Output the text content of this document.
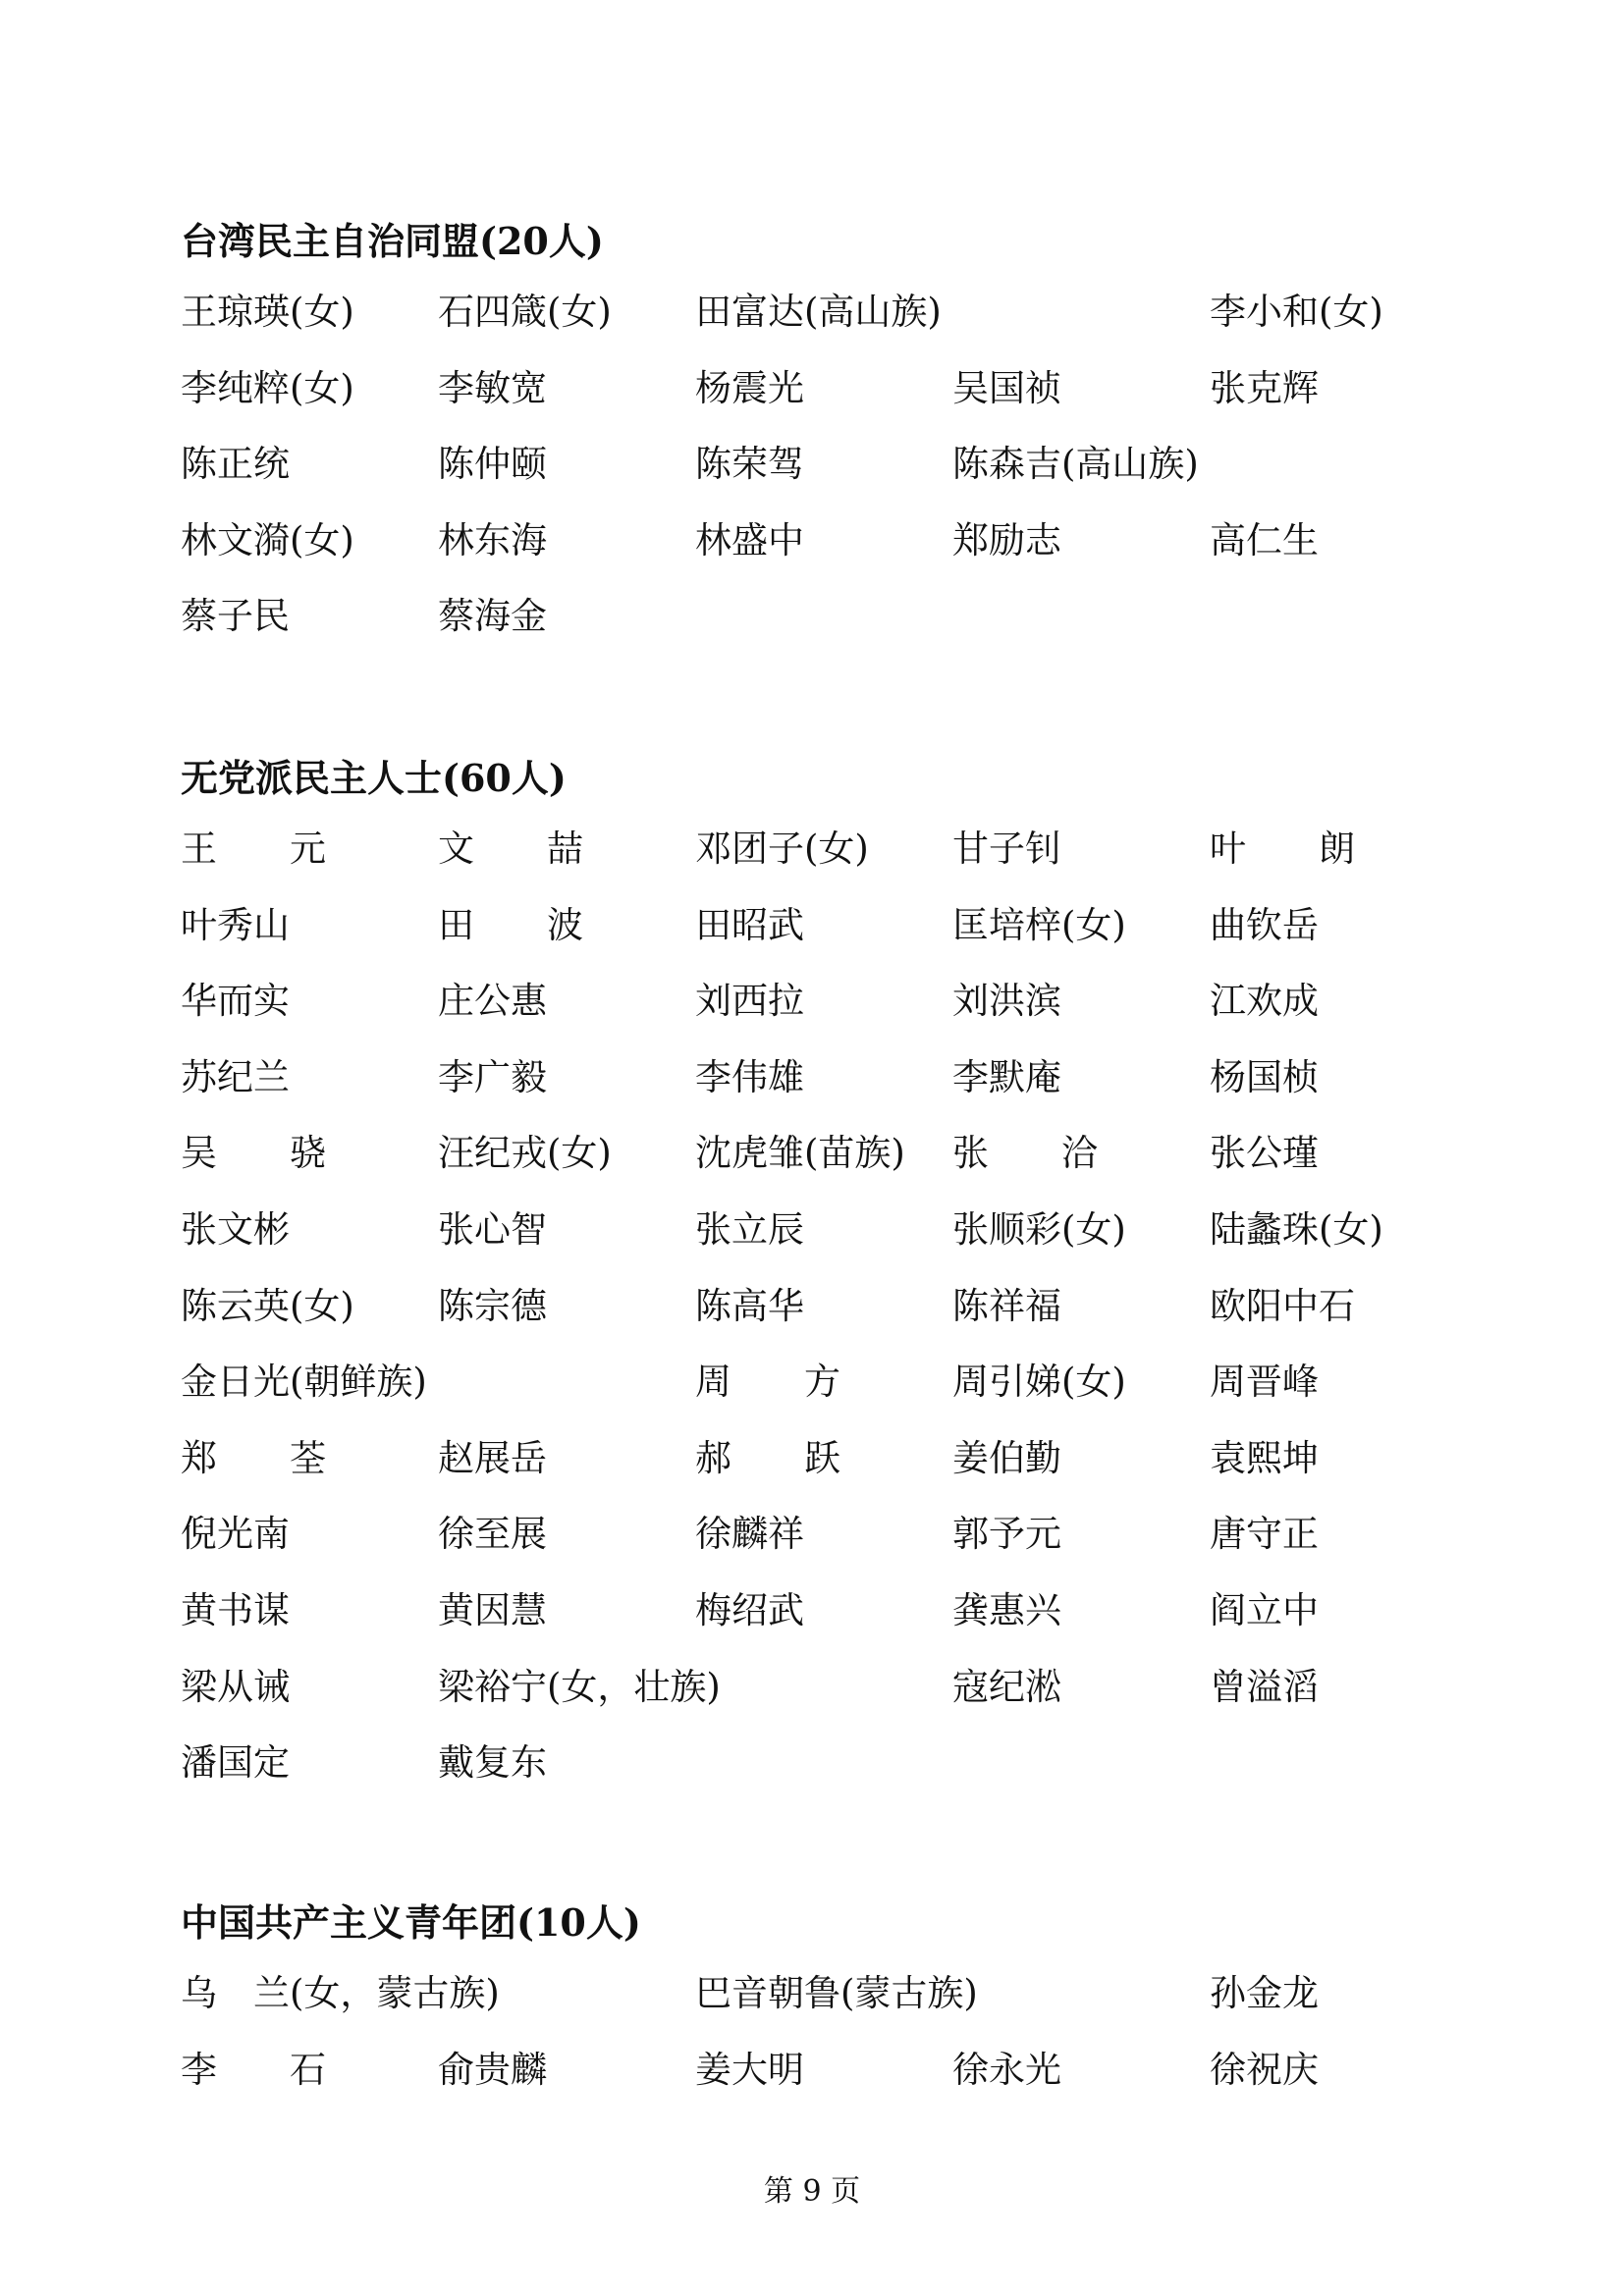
台湾民主自治同盟(20人)
王琼瑛(女) 石四箴(女) 田富达(高山族)	李小和(女)
李纯粹(女) 李敏宽	杨震光	吴国祯	张克辉
陈正统	陈仲颐	陈荣驾	陈森吉(高山族)
林文漪(女) 林东海	林盛中	郑励志	高仁生
蔡子民	蔡海金
无党派民主人士(60人)
王　　元	文　　喆	邓团子(女) 甘子钊	叶　　朗
叶秀山	田　　波	田昭武	匡培梓(女) 曲钦岳
华而实	庄公惠	刘西拉	刘洪滨	江欢成
苏纪兰	李广毅	李伟雄	李默庵	杨国桢
吴　　骁	汪纪戎(女) 沈虎雏(苗族) 张　　洽	张公瑾
张文彬	张心智	张立辰	张顺彩(女) 陆蠡珠(女)
陈云英(女) 陈宗德	陈高华	陈祥福	欧阳中石
金日光(朝鲜族)	周　　方	周引娣(女) 周晋峰
郑　　荃	赵展岳	郝　　跃	姜伯勤	袁熙坤
倪光南	徐至展	徐麟祥	郭予元	唐守正
黄书谋	黄因慧	梅绍武	龚惠兴	阎立中
梁从诫	梁裕宁(女，壮族)	寇纪淞	曾溢滔
潘国定	戴复东
中国共产主义青年团(10人)
乌　兰(女，蒙古族)	巴音朝鲁(蒙古族)	孙金龙
李　　石	俞贵麟	姜大明	徐永光	徐祝庆
第 9 页
